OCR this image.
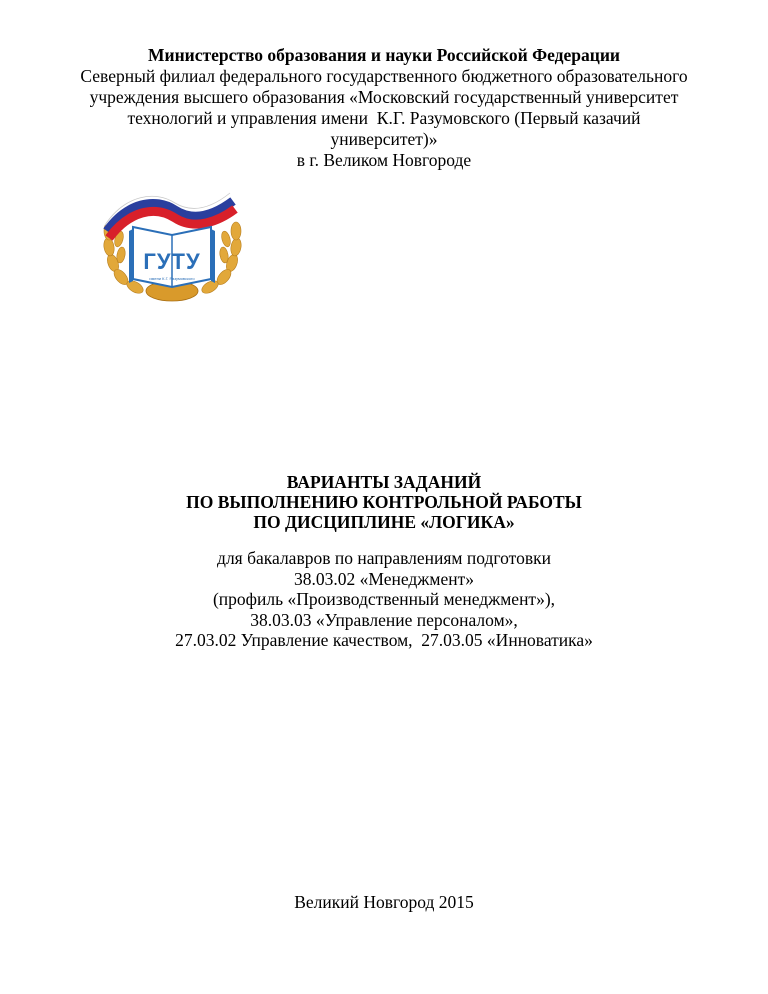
Министерство образования и науки Российской Федерации
Северный филиал федерального государственного бюджетного образовательного
учреждения высшего образования «Московский государственный университет
технологий и управления имени  К.Г. Разумовского (Первый казачий
университет)»
в г. Великом Новгороде
ГУТУ
имени К.Г. Разумовского
ВАРИАНТЫ ЗАДАНИЙ
ПО ВЫПОЛНЕНИЮ КОНТРОЛЬНОЙ РАБОТЫ
ПО ДИСЦИПЛИНЕ «ЛОГИКА»
для бакалавров по направлениям подготовки
38.03.02 «Менеджмент»
(профиль «Производственный менеджмент»),
38.03.03 «Управление персоналом»,
27.03.02 Управление качеством,  27.03.05 «Инноватика»
Великий Новгород 2015
